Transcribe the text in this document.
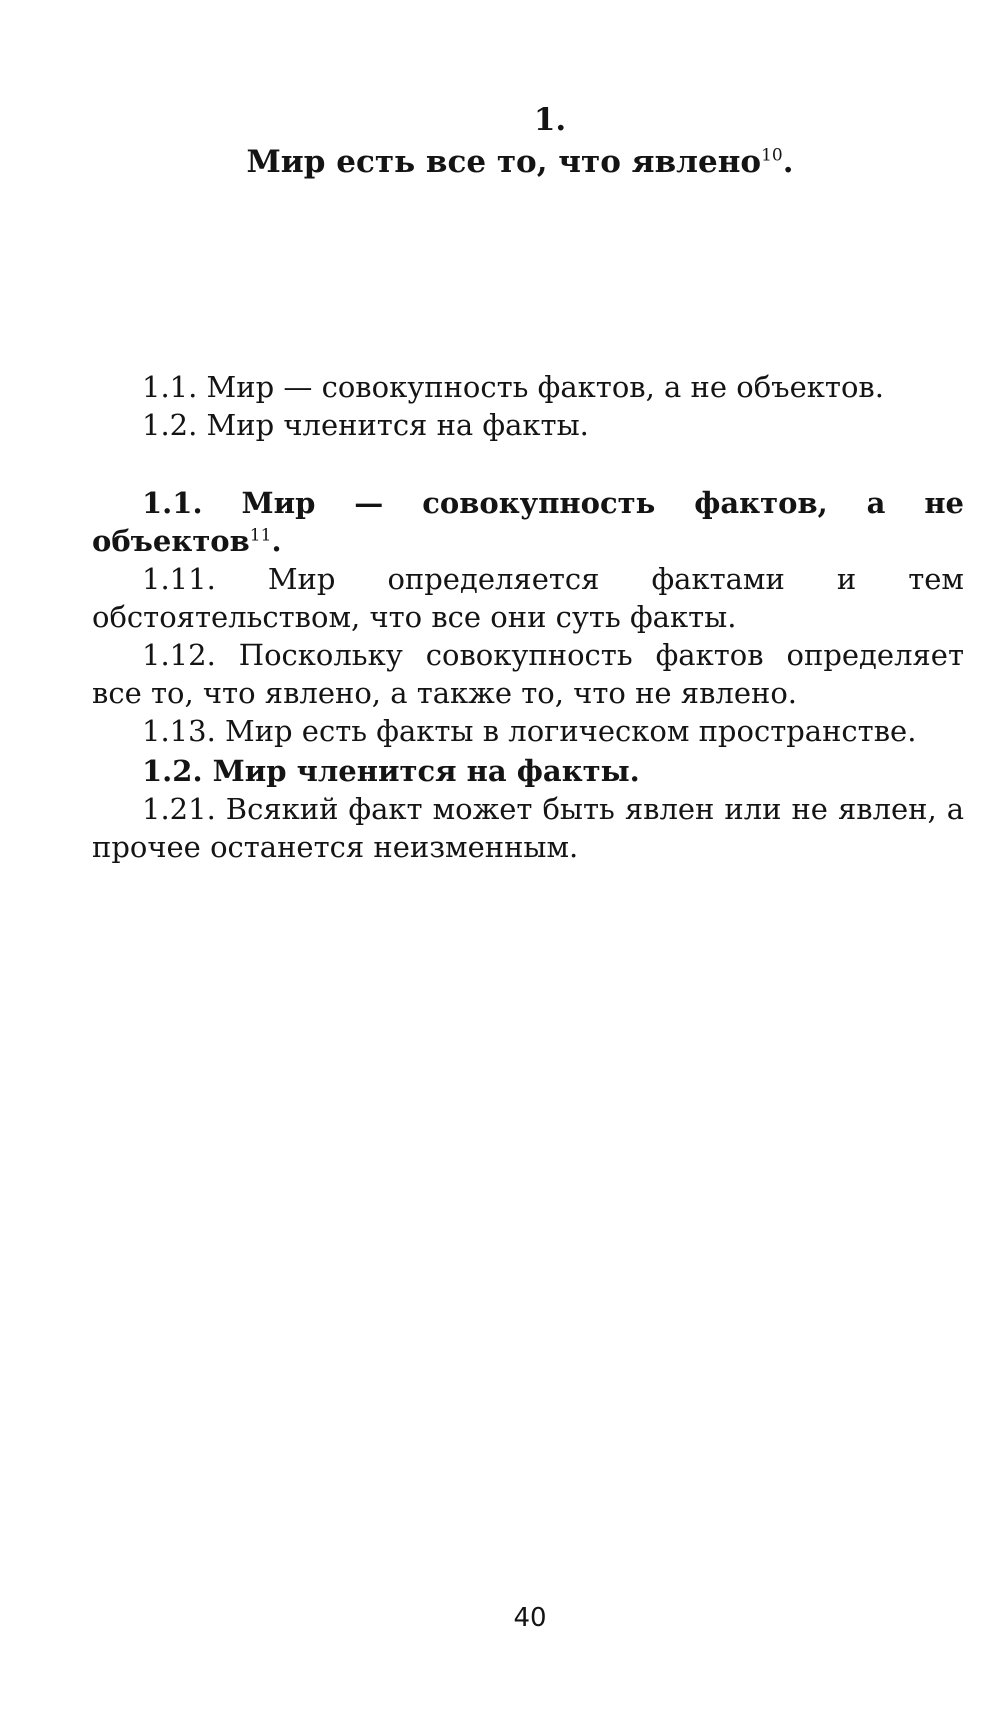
1.
Мир есть все то, что явлено$^{10}$.

1.1. Мир — совокупность фактов, а не объектов.

1.2. Мир членится на факты.

1.1. Мир — совокупность фактов, а не объектов$^{11}$.

1.11. Мир определяется фактами и тем обстоятельством, что все они суть факты.

1.12. Поскольку совокупность фактов определяет все то, что явлено, а также то, что не явлено.

1.13. Мир есть факты в логическом пространстве.

1.2. Мир членится на факты.

1.21. Всякий факт может быть явлен или не явлен, а прочее останется неизменным.

40
